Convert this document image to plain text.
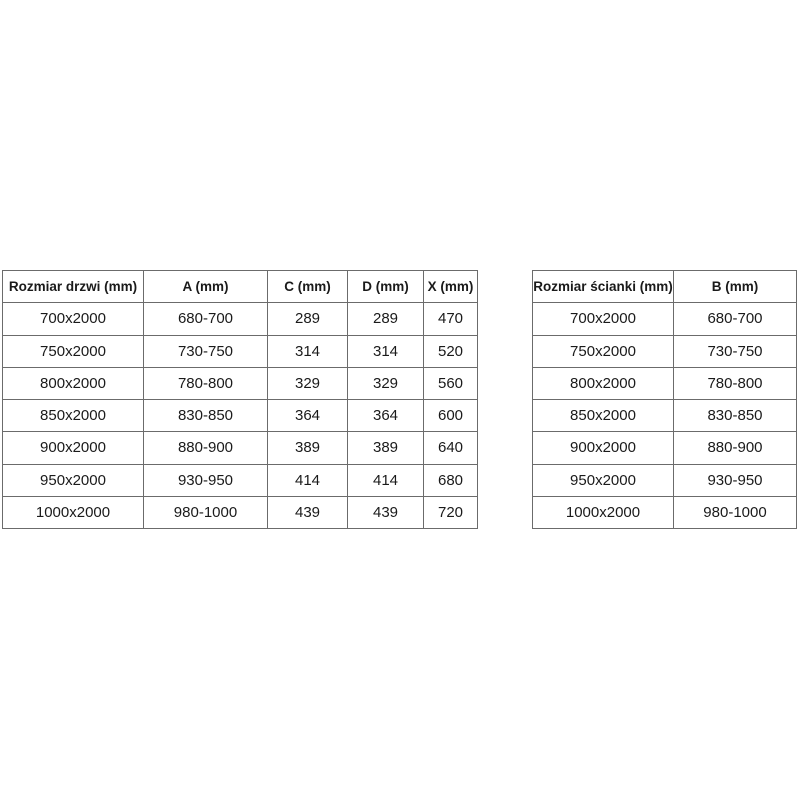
Rozmiar drzwi (mm)	A (mm)	C (mm)	D (mm)	X (mm)
700x2000	680-700	289	289	470
750x2000	730-750	314	314	520
800x2000	780-800	329	329	560
850x2000	830-850	364	364	600
900x2000	880-900	389	389	640
950x2000	930-950	414	414	680
1000x2000	980-1000	439	439	720
Rozmiar ścianki (mm)	B (mm)
700x2000	680-700
750x2000	730-750
800x2000	780-800
850x2000	830-850
900x2000	880-900
950x2000	930-950
1000x2000	980-1000
